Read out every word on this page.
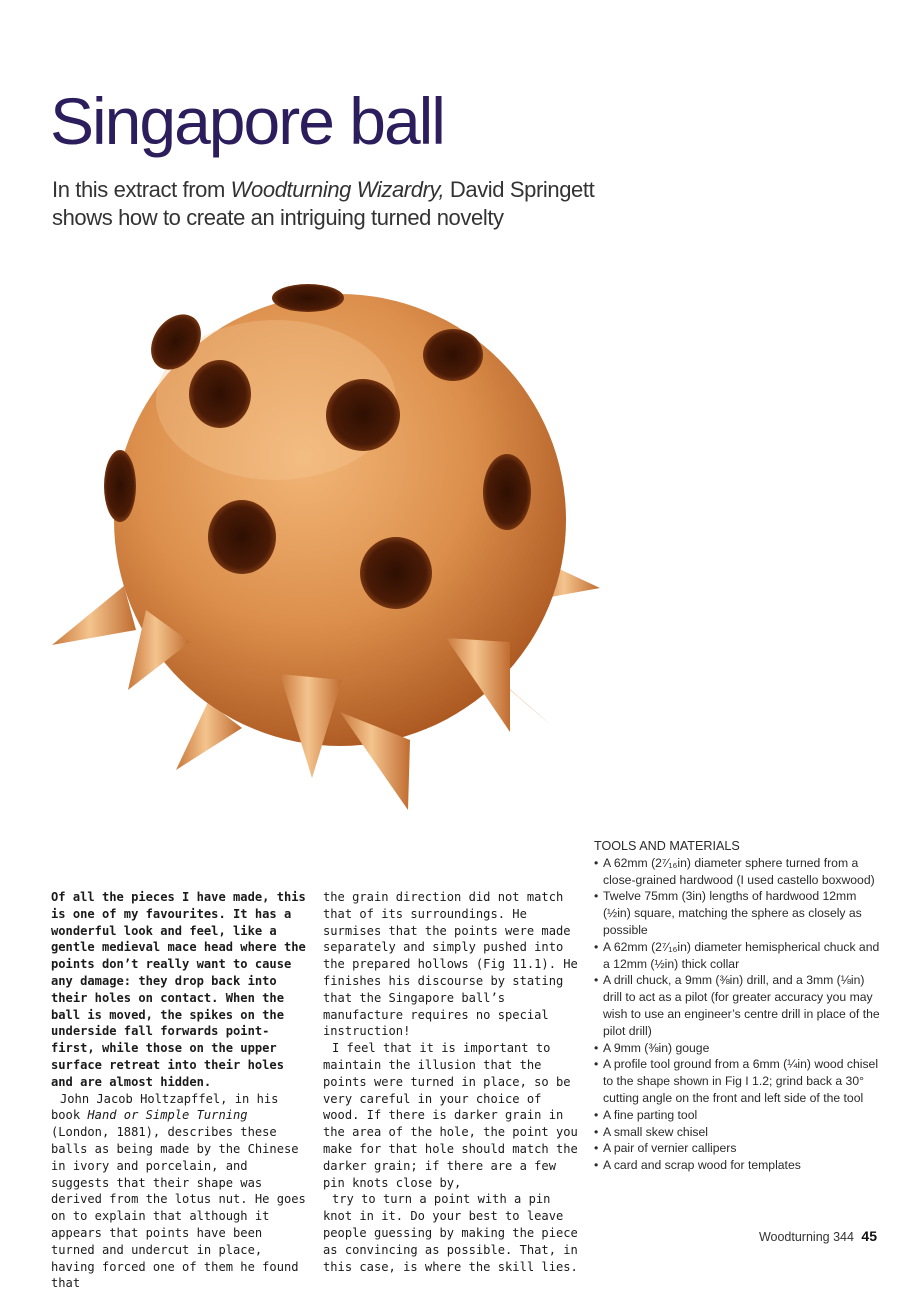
Singapore ball

In this extract from Woodturning Wizardry, David Springett shows how to create an intriguing turned novelty

Of all the pieces I have made, this is one of my favourites. It has a wonderful look and feel, like a gentle medieval mace head where the points don’t really want to cause any damage: they drop back into their holes on contact. When the ball is moved, the spikes on the underside fall forwards point-first, while those on the upper surface retreat into their holes and are almost hidden.

John Jacob Holtzapffel, in his book Hand or Simple Turning (London, 1881), describes these balls as being made by the Chinese in ivory and porcelain, and suggests that their shape was derived from the lotus nut. He goes on to explain that although it appears that points have been turned and undercut in place, having forced one of them he found that

the grain direction did not match that of its surroundings. He surmises that the points were made separately and simply pushed into the prepared hollows (Fig 11.1). He finishes his discourse by stating that the Singapore ball’s manufacture requires no special instruction!

I feel that it is important to maintain the illusion that the points were turned in place, so be very careful in your choice of wood. If there is darker grain in the area of the hole, the point you make for that hole should match the darker grain; if there are a few pin knots close by,

try to turn a point with a pin knot in it. Do your best to leave people guessing by making the piece as convincing as possible. That, in this case, is where the skill lies.

TOOLS AND MATERIALS
• A 62mm (2⁷⁄₁₆in) diameter sphere turned from a close-grained hardwood (I used castello boxwood)
• Twelve 75mm (3in) lengths of hardwood 12mm (½in) square, matching the sphere as closely as possible
• A 62mm (2⁷⁄₁₆in) diameter hemispherical chuck and a 12mm (½in) thick collar
• A drill chuck, a 9mm (⅜in) drill, and a 3mm (⅛in) drill to act as a pilot (for greater accuracy you may wish to use an engineer’s centre drill in place of the pilot drill)
• A 9mm (⅜in) gouge
• A profile tool ground from a 6mm (¼in) wood chisel to the shape shown in Fig I 1.2; grind back a 30° cutting angle on the front and left side of the tool
• A fine parting tool
• A small skew chisel
• A pair of vernier callipers
• A card and scrap wood for templates
Woodturning 344 45
